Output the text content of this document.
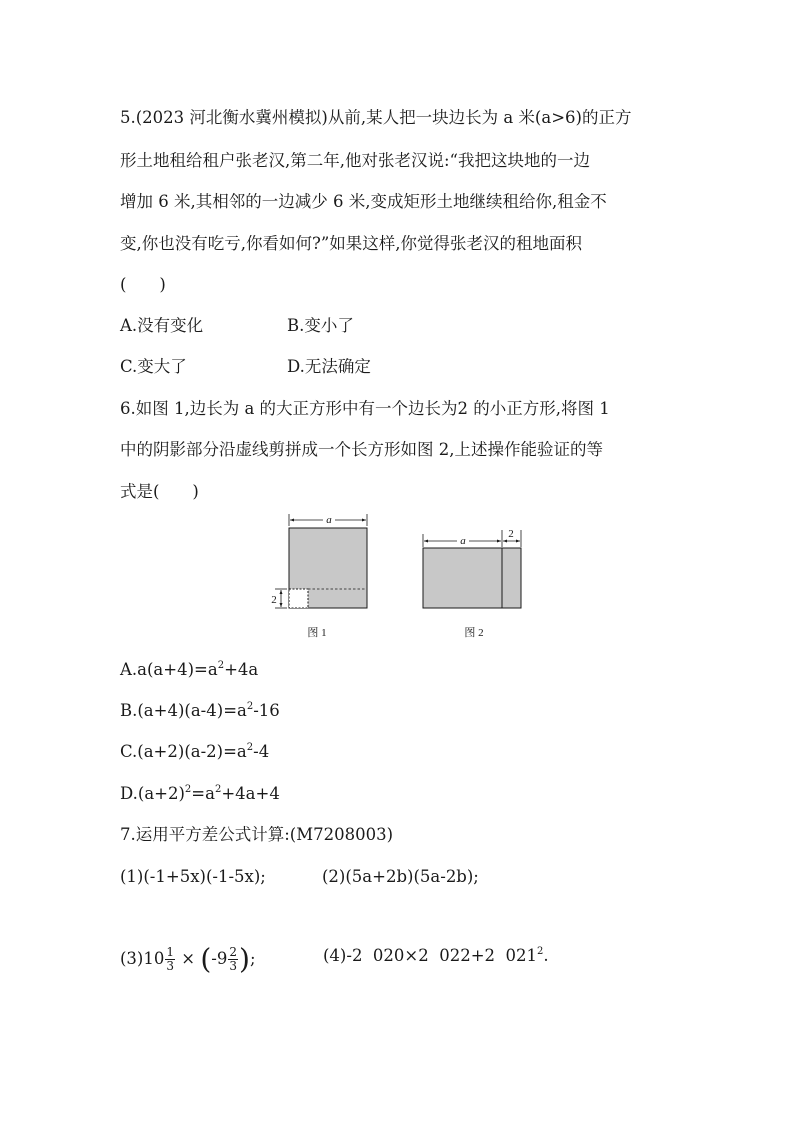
5.(2023 河北衡水冀州模拟)从前,某人把一块边长为 a 米(a>6)的正方
形土地租给租户张老汉,第二年,他对张老汉说:“我把这块地的一边
增加 6 米,其相邻的一边减少 6 米,变成矩形土地继续租给你,租金不
变,你也没有吃亏,你看如何?”如果这样,你觉得张老汉的租地面积
(　　)
A.没有变化	B.变小了
C.变大了	D.无法确定
6.如图 1,边长为 a 的大正方形中有一个边长为2 的小正方形,将图 1
中的阴影部分沿虚线剪拼成一个长方形如图 2,上述操作能验证的等
式是(　　)
a
2
图 1
a
2
图 2
$A.a(a+4)=a^2+4a$
$B.(a+4)(a-4)=a^2-16$
$C.(a+2)(a-2)=a^2-4$
$D.(a+2)^2=a^2+4a+4$
7.运用平方差公式计算:(M7208003)
(1)(-1+5x)(-1-5x);	(2)(5a+2b)(5a-2b);
$(3)10 \frac{1}{3} \times (-9 \frac{2}{3}$ );	(4)-2  020×2  022+2  $021^2$.
